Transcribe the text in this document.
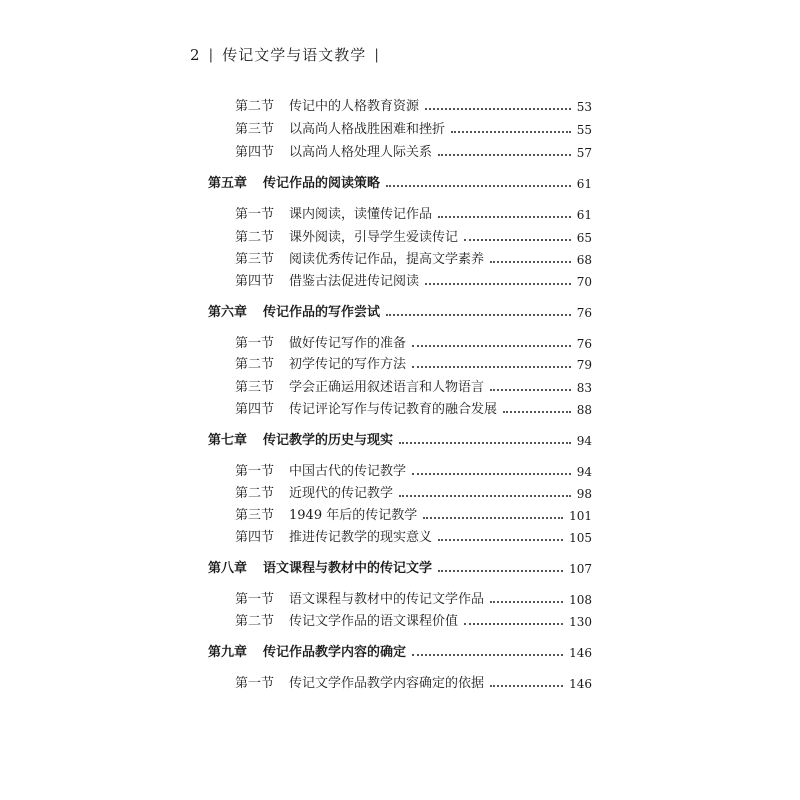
2 | 传记文学与语文教学 |
第二节	传记中的人格教育资源	53
第三节	以高尚人格战胜困难和挫折	55
第四节	以高尚人格处理人际关系	57
第五章	传记作品的阅读策略	61
第一节	课内阅读，读懂传记作品	61
第二节	课外阅读，引导学生爱读传记	65
第三节	阅读优秀传记作品，提高文学素养	68
第四节	借鉴古法促进传记阅读	70
第六章	传记作品的写作尝试	76
第一节	做好传记写作的准备	76
第二节	初学传记的写作方法	79
第三节	学会正确运用叙述语言和人物语言	83
第四节	传记评论写作与传记教育的融合发展	88
第七章	传记教学的历史与现实	94
第一节	中国古代的传记教学	94
第二节	近现代的传记教学	98
第三节	1949 年后的传记教学	101
第四节	推进传记教学的现实意义	105
第八章	语文课程与教材中的传记文学	107
第一节	语文课程与教材中的传记文学作品	108
第二节	传记文学作品的语文课程价值	130
第九章	传记作品教学内容的确定	146
第一节	传记文学作品教学内容确定的依据	146
